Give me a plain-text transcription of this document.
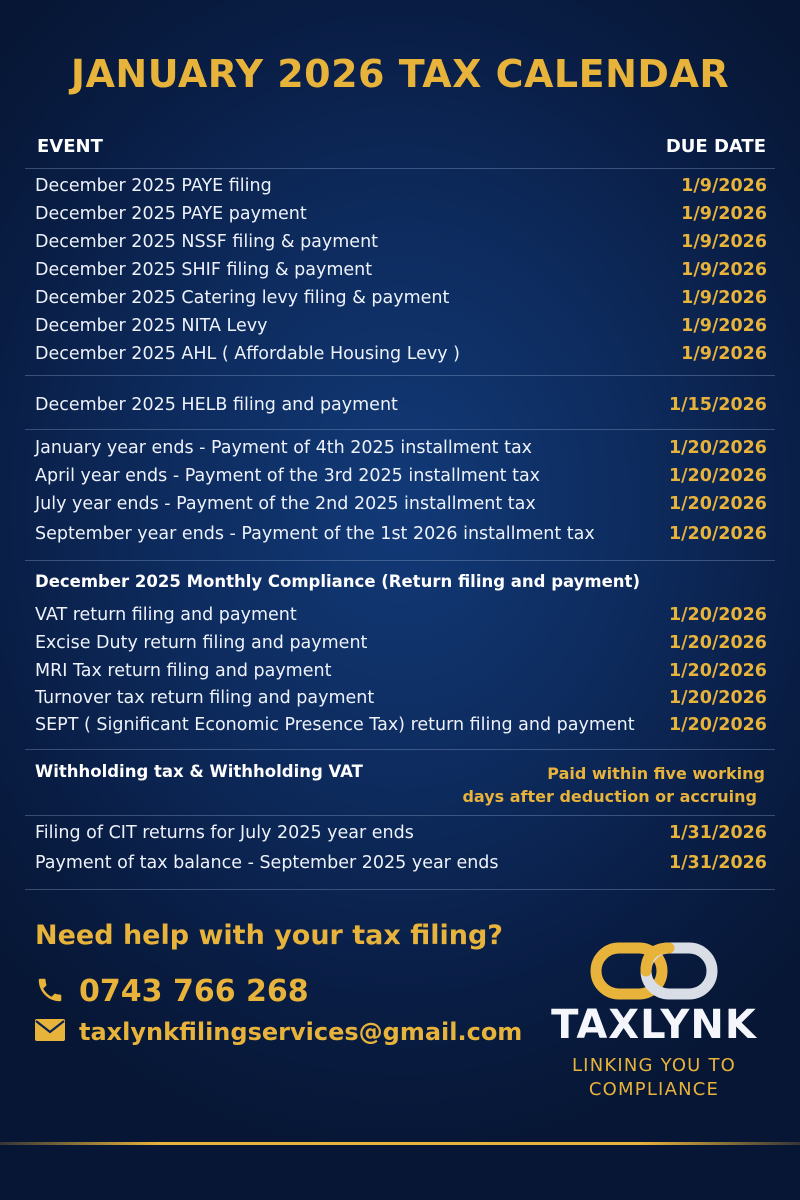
JANUARY 2026 TAX CALENDAR
EVENT	DUE DATE
December 2025 PAYE filing	1/9/2026
December 2025 PAYE payment	1/9/2026
December 2025 NSSF filing & payment	1/9/2026
December 2025 SHIF filing & payment	1/9/2026
December 2025 Catering levy filing & payment	1/9/2026
December 2025 NITA Levy	1/9/2026
December 2025 AHL ( Affordable Housing Levy )	1/9/2026
December 2025 HELB filing and payment	1/15/2026
January year ends - Payment of 4th 2025 installment tax	1/20/2026
April year ends - Payment of the 3rd 2025 installment tax	1/20/2026
July year ends - Payment of the 2nd 2025 installment tax	1/20/2026
September year ends - Payment of the 1st 2026 installment tax	1/20/2026
December 2025 Monthly Compliance (Return filing and payment)
VAT return filing and payment	1/20/2026
Excise Duty return filing and payment	1/20/2026
MRI Tax return filing and payment	1/20/2026
Turnover tax return filing and payment	1/20/2026
SEPT ( Significant Economic Presence Tax) return filing and payment 1/20/2026
Withholding tax & Withholding VAT	Paid within five working
days after deduction or accruing
Filing of CIT returns for July 2025 year ends	1/31/2026
Payment of tax balance - September 2025 year ends	1/31/2026
Need help with your tax filing?
0743 766 268
taxlynkfilingservices@gmail.com TAXLYNK
LINKING YOU TO
COMPLIANCE
